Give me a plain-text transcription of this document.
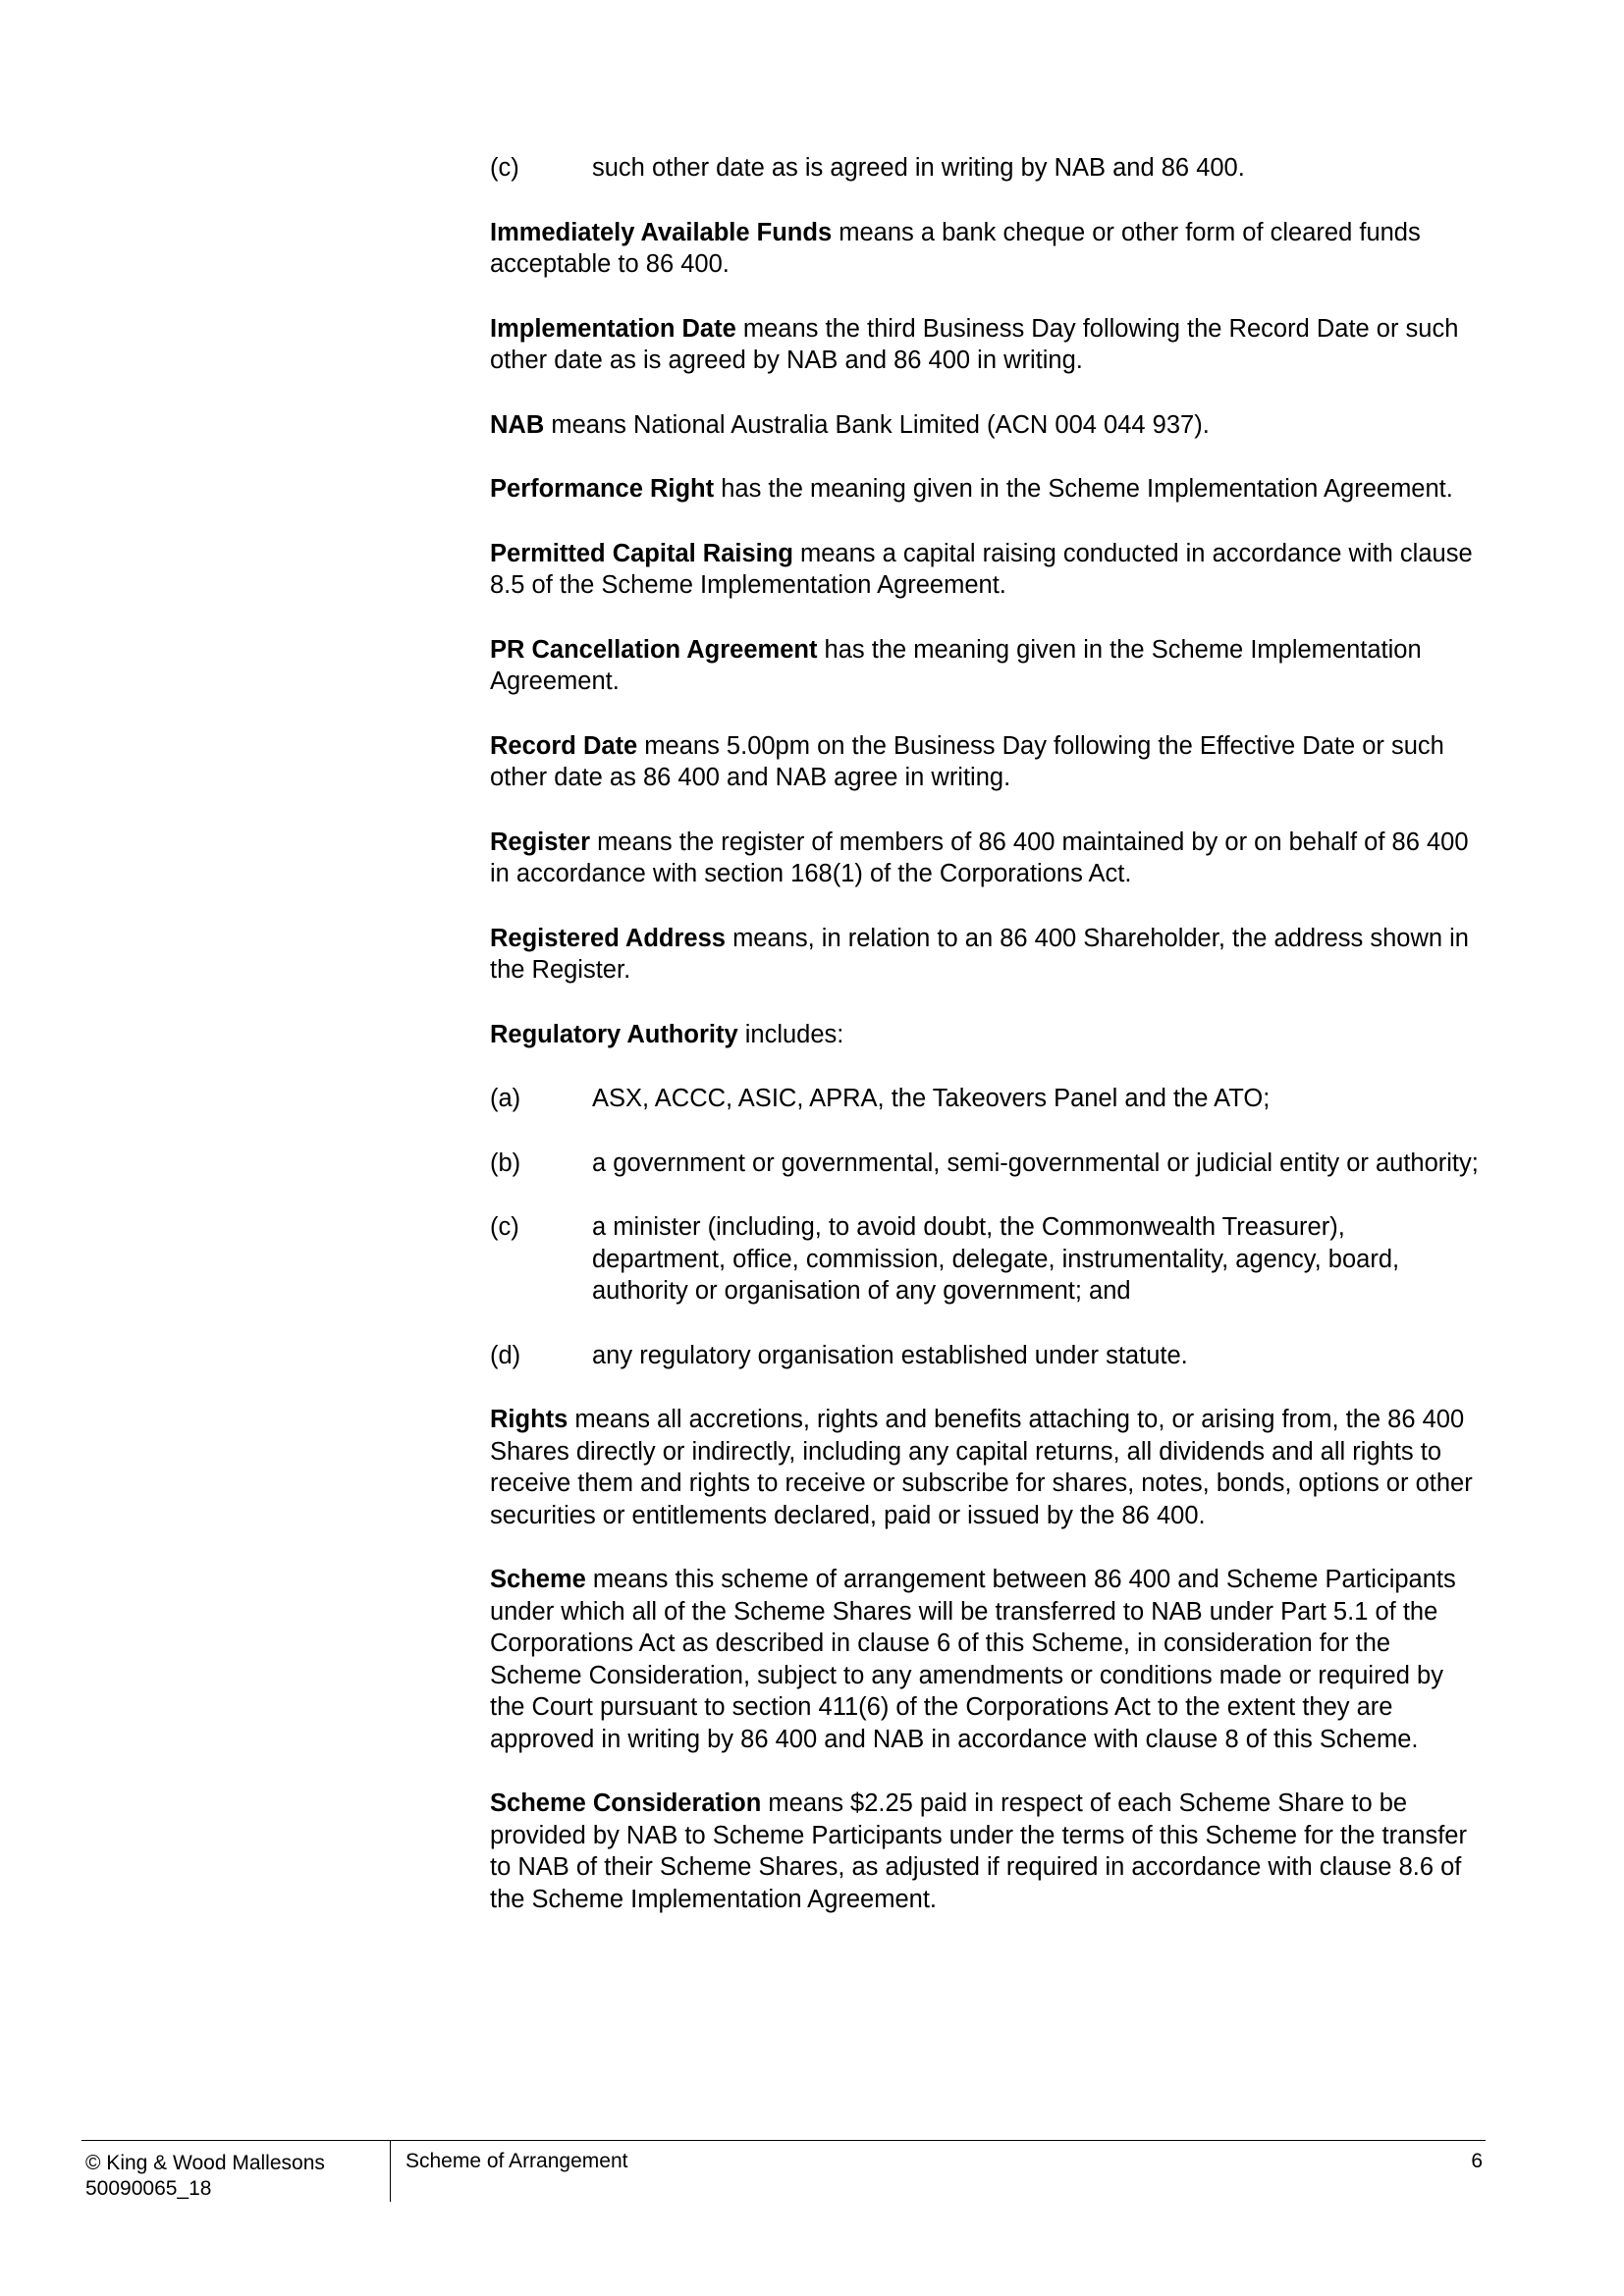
(c)	such other date as is agreed in writing by NAB and 86 400.

Immediately Available Funds means a bank cheque or other form of cleared funds acceptable to 86 400.

Implementation Date means the third Business Day following the Record Date or such other date as is agreed by NAB and 86 400 in writing.

NAB means National Australia Bank Limited (ACN 004 044 937).

Performance Right has the meaning given in the Scheme Implementation Agreement.

Permitted Capital Raising means a capital raising conducted in accordance with clause 8.5 of the Scheme Implementation Agreement.

PR Cancellation Agreement has the meaning given in the Scheme Implementation Agreement.

Record Date means 5.00pm on the Business Day following the Effective Date or such other date as 86 400 and NAB agree in writing.

Register means the register of members of 86 400 maintained by or on behalf of 86 400 in accordance with section 168(1) of the Corporations Act.

Registered Address means, in relation to an 86 400 Shareholder, the address shown in the Register.

Regulatory Authority includes:

(a)	ASX, ACCC, ASIC, APRA, the Takeovers Panel and the ATO;
(b)	a government or governmental, semi-governmental or judicial entity or authority;
(c)	a minister (including, to avoid doubt, the Commonwealth Treasurer), department, office, commission, delegate, instrumentality, agency, board, authority or organisation of any government; and
(d)	any regulatory organisation established under statute.

Rights means all accretions, rights and benefits attaching to, or arising from, the 86 400 Shares directly or indirectly, including any capital returns, all dividends and all rights to receive them and rights to receive or subscribe for shares, notes, bonds, options or other securities or entitlements declared, paid or issued by the 86 400.

Scheme means this scheme of arrangement between 86 400 and Scheme Participants under which all of the Scheme Shares will be transferred to NAB under Part 5.1 of the Corporations Act as described in clause 6 of this Scheme, in consideration for the Scheme Consideration, subject to any amendments or conditions made or required by the Court pursuant to section 411(6) of the Corporations Act to the extent they are approved in writing by 86 400 and NAB in accordance with clause 8 of this Scheme.

Scheme Consideration means $2.25 paid in respect of each Scheme Share to be provided by NAB to Scheme Participants under the terms of this Scheme for the transfer to NAB of their Scheme Shares, as adjusted if required in accordance with clause 8.6 of the Scheme Implementation Agreement.

© King & Wood Mallesons
50090065_18
Scheme of Arrangement	6
